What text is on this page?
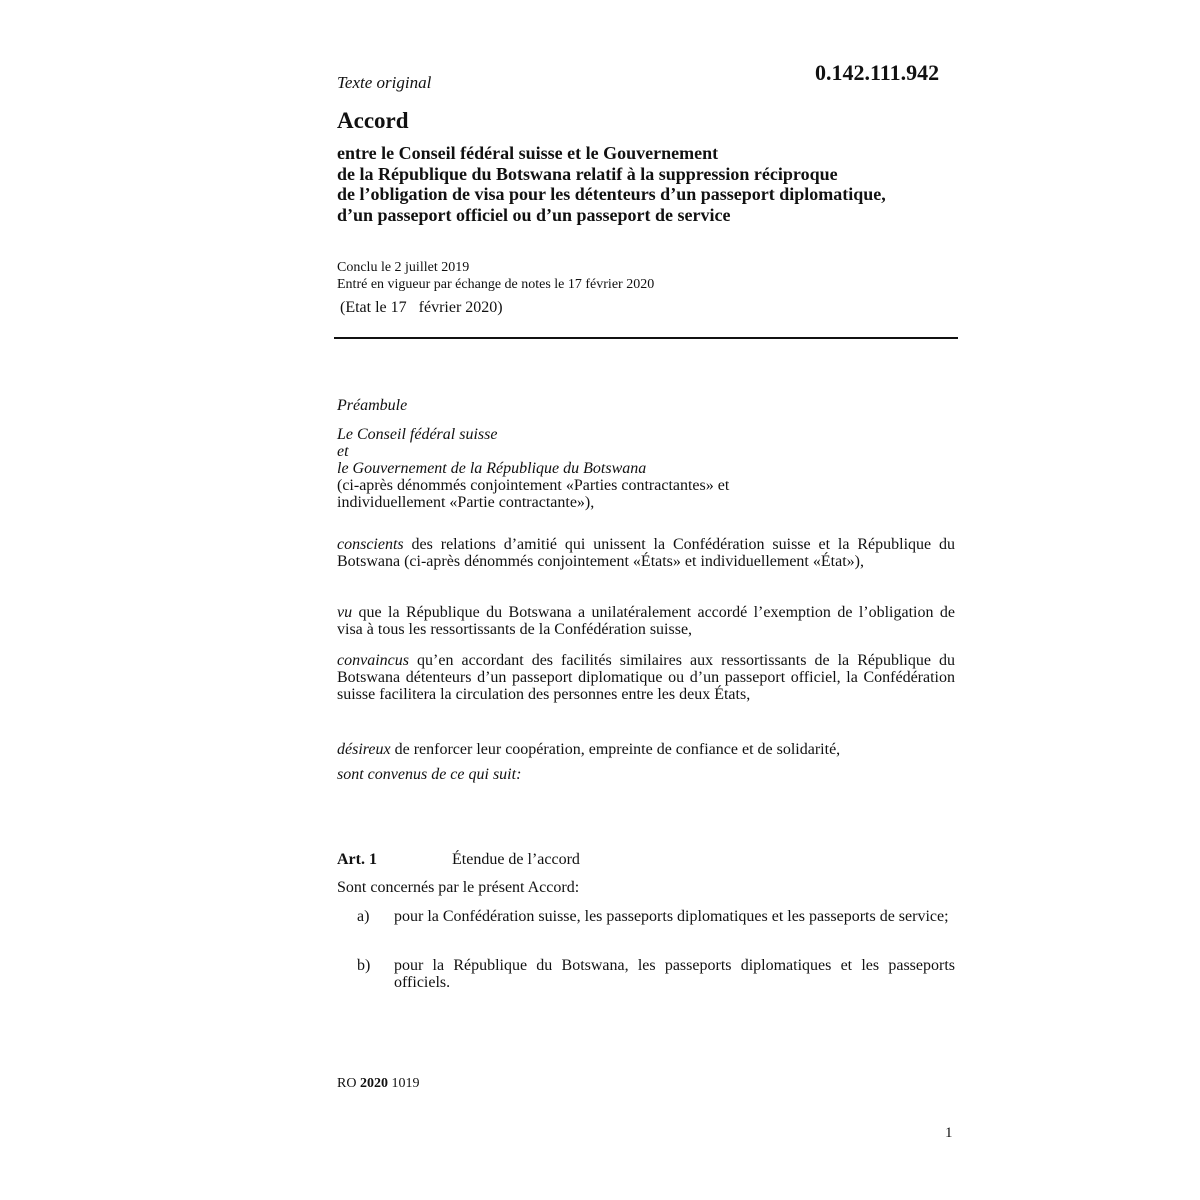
Texte original	0.142.111.942
Accord
entre le Conseil fédéral suisse et le Gouvernement
de la République du Botswana relatif à la suppression réciproque
de l’obligation de visa pour les détenteurs d’un passeport diplomatique,
d’un passeport officiel ou d’un passeport de service
Conclu le 2 juillet 2019
Entré en vigueur par échange de notes le 17 février 2020
(Etat le 17   février 2020)
Préambule
Le Conseil fédéral suisse
et
le Gouvernement de la République du Botswana
(ci-après dénommés conjointement «Parties contractantes» et
individuellement «Partie contractante»),
conscients des relations d’amitié qui unissent la Confédération suisse et la République du Botswana (ci-après dénommés conjointement «États» et individuellement «État»),
vu que la République du Botswana a unilatéralement accordé l’exemption de l’obligation de visa à tous les ressortissants de la Confédération suisse,
convaincus qu’en accordant des facilités similaires aux ressortissants de la République du Botswana détenteurs d’un passeport diplomatique ou d’un passeport officiel, la Confédération suisse facilitera la circulation des personnes entre les deux États,
désireux de renforcer leur coopération, empreinte de confiance et de solidarité,
sont convenus de ce qui suit:
Art. 1	Étendue de l’accord
Sont concernés par le présent Accord:
a) pour la Confédération suisse, les passeports diplomatiques et les passeports de service;
b) pour la République du Botswana, les passeports diplomatiques et les passeports officiels.
RO 2020 1019
1
